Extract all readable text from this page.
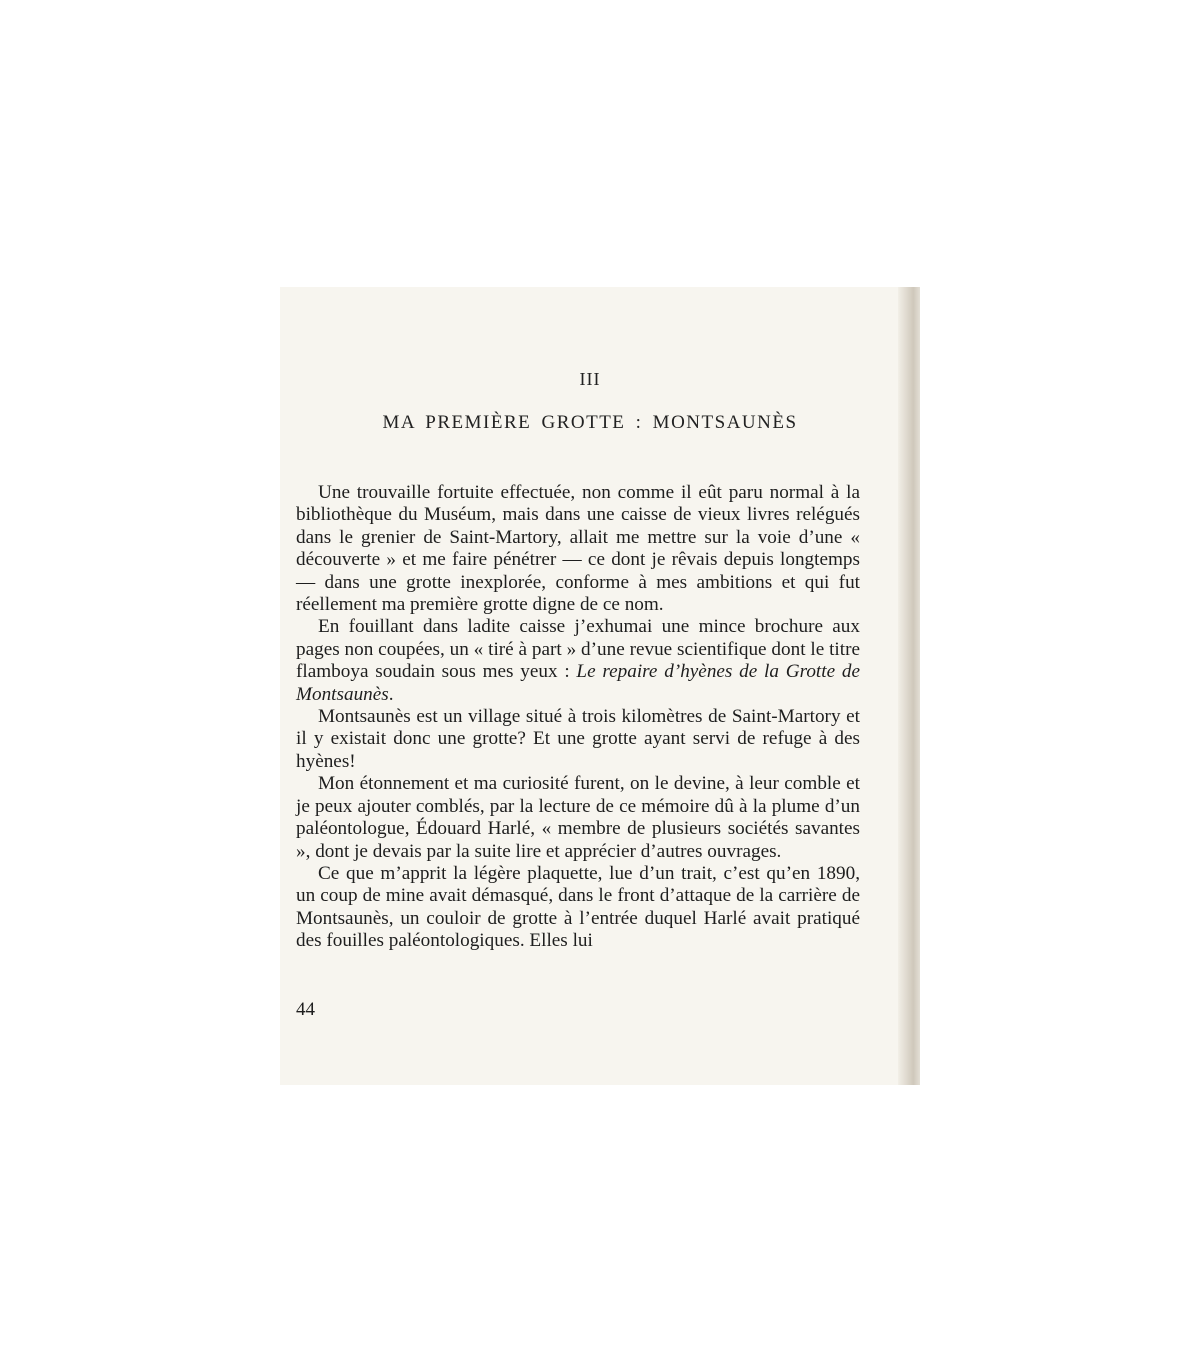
III
MA PREMIÈRE GROTTE : MONTSAUNÈS

Une trouvaille fortuite effectuée, non comme il eût paru normal à la bibliothèque du Muséum, mais dans une caisse de vieux livres relégués dans le grenier de Saint-Martory, allait me mettre sur la voie d’une « découverte » et me faire pénétrer — ce dont je rêvais depuis longtemps — dans une grotte inexplorée, conforme à mes ambitions et qui fut réellement ma première grotte digne de ce nom.

En fouillant dans ladite caisse j’exhumai une mince brochure aux pages non coupées, un « tiré à part » d’une revue scientifique dont le titre flamboya soudain sous mes yeux : Le repaire d’hyènes de la Grotte de Montsaunès.

Montsaunès est un village situé à trois kilomètres de Saint-Martory et il y existait donc une grotte? Et une grotte ayant servi de refuge à des hyènes!

Mon étonnement et ma curiosité furent, on le devine, à leur comble et je peux ajouter comblés, par la lecture de ce mémoire dû à la plume d’un paléontologue, Édouard Harlé, « membre de plusieurs sociétés savantes », dont je devais par la suite lire et apprécier d’autres ouvrages.

Ce que m’apprit la légère plaquette, lue d’un trait, c’est qu’en 1890, un coup de mine avait démasqué, dans le front d’attaque de la carrière de Montsaunès, un couloir de grotte à l’entrée duquel Harlé avait pratiqué des fouilles paléontologiques. Elles lui

44
